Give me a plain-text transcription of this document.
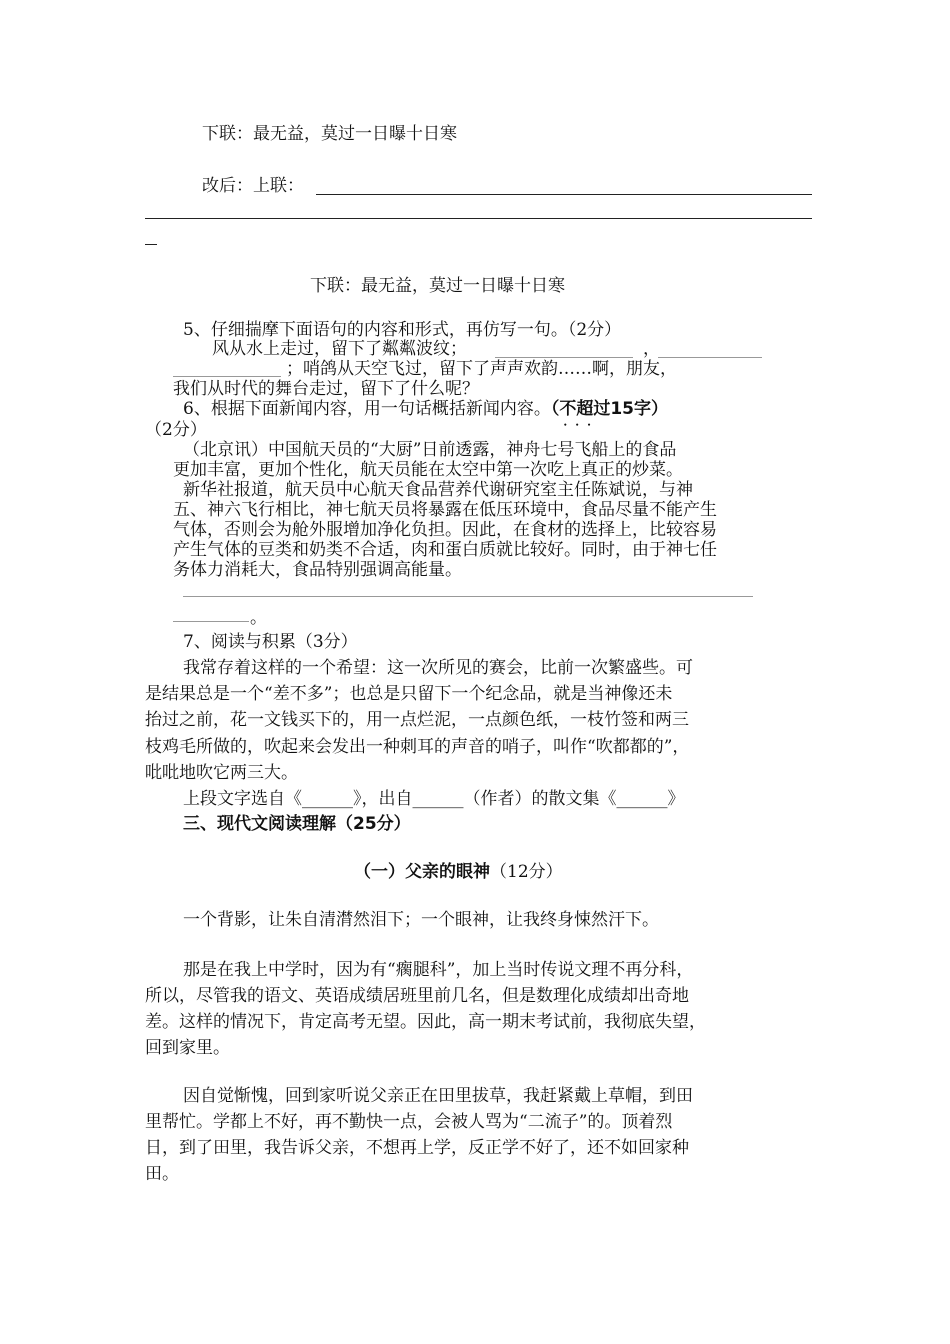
下联：最无益，莫过一日曝十日寒
改后：上联：
下联：最无益，莫过一日曝十日寒
5、仔细揣摩下面语句的内容和形式，再仿写一句。（2分）
风从水上走过，留下了粼粼波纹；	，
；哨鸽从天空飞过，留下了声声欢韵……啊，朋友，
我们从时代的舞台走过，留下了什么呢？
6、根据下面新闻内容，用一句话概括新闻内容。（不超过 • • •15字）
（2分）
（北京讯）中国航天员的“大厨”日前透露，神舟七号飞船上的食品
更加丰富，更加个性化，航天员能在太空中第一次吃上真正的炒菜。
新华社报道，航天员中心航天食品营养代谢研究室主任陈斌说，与神
五、神六飞行相比，神七航天员将暴露在低压环境中，食品尽量不能产生
气体，否则会为舱外服增加净化负担。因此，在食材的选择上，比较容易
产生气体的豆类和奶类不合适，肉和蛋白质就比较好。同时，由于神七任
务体力消耗大，食品特别强调高能量。
。
7、阅读与积累（3分）
我常存着这样的一个希望：这一次所见的赛会，比前一次繁盛些。可
是结果总是一个“差不多”；也总是只留下一个纪念品，就是当神像还未
抬过之前，花一文钱买下的，用一点烂泥，一点颜色纸，一枝竹签和两三
枝鸡毛所做的，吹起来会发出一种刺耳的声音的哨子，叫作“吹都都的”，
吡吡地吹它两三大。
上段文字选自《______》，出自______（作者）的散文集《______》
三、现代文阅读理解（25分）
（一）父亲的眼神（12分）
一个背影，让朱自清潸然泪下；一个眼神，让我终身悚然汗下。
那是在我上中学时，因为有“瘸腿科”，加上当时传说文理不再分科，
所以，尽管我的语文、英语成绩居班里前几名，但是数理化成绩却出奇地
差。这样的情况下，肯定高考无望。因此，高一期末考试前，我彻底失望，
回到家里。
因自觉惭愧，回到家听说父亲正在田里拔草，我赶紧戴上草帽，到田
里帮忙。学都上不好，再不勤快一点，会被人骂为“二流子”的。顶着烈
日，到了田里，我告诉父亲，不想再上学，反正学不好了，还不如回家种
田。
